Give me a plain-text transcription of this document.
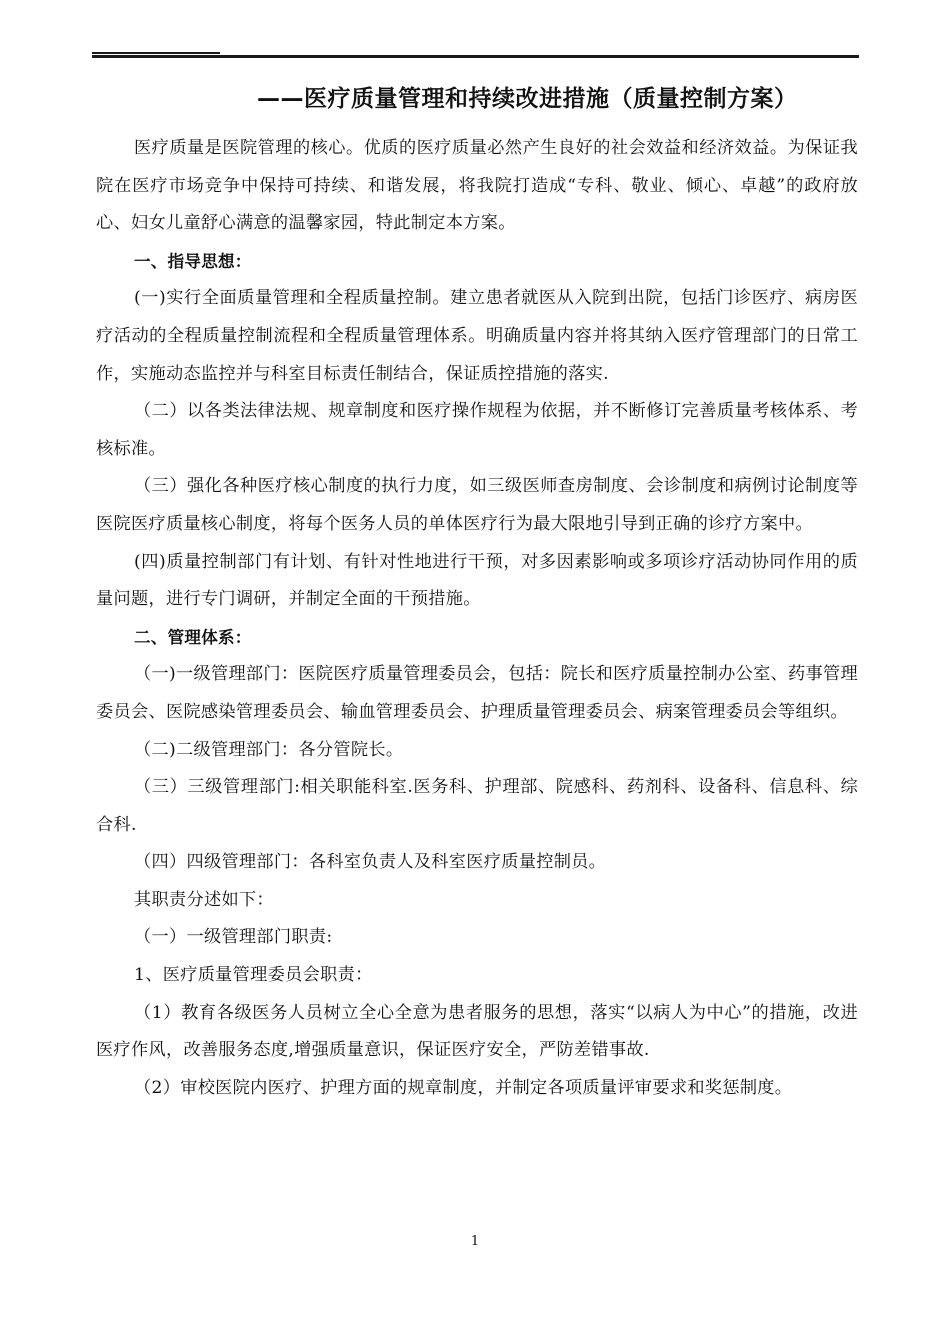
——医疗质量管理和持续改进措施（质量控制方案）

医疗质量是医院管理的核心。优质的医疗质量必然产生良好的社会效益和经济效益。为保证我院在医疗市场竞争中保持可持续、和谐发展，将我院打造成“专科、敬业、倾心、卓越”的政府放心、妇女儿童舒心满意的温馨家园，特此制定本方案。

一、指导思想：

(一)实行全面质量管理和全程质量控制。建立患者就医从入院到出院，包括门诊医疗、病房医疗活动的全程质量控制流程和全程质量管理体系。明确质量内容并将其纳入医疗管理部门的日常工作，实施动态监控并与科室目标责任制结合，保证质控措施的落实.

（二）以各类法律法规、规章制度和医疗操作规程为依据，并不断修订完善质量考核体系、考核标准。

（三）强化各种医疗核心制度的执行力度，如三级医师查房制度、会诊制度和病例讨论制度等医院医疗质量核心制度，将每个医务人员的单体医疗行为最大限地引导到正确的诊疗方案中。

(四)质量控制部门有计划、有针对性地进行干预，对多因素影响或多项诊疗活动协同作用的质量问题，进行专门调研，并制定全面的干预措施。

二、管理体系：

（一)一级管理部门：医院医疗质量管理委员会，包括：院长和医疗质量控制办公室、药事管理委员会、医院感染管理委员会、输血管理委员会、护理质量管理委员会、病案管理委员会等组织。

（二)二级管理部门：各分管院长。

（三）三级管理部门:相关职能科室.医务科、护理部、院感科、药剂科、设备科、信息科、综合科.

（四）四级管理部门：各科室负责人及科室医疗质量控制员。

其职责分述如下：

（一）一级管理部门职责:

1、医疗质量管理委员会职责：

（1）教育各级医务人员树立全心全意为患者服务的思想，落实“以病人为中心”的措施，改进医疗作风，改善服务态度,增强质量意识，保证医疗安全，严防差错事故.

（2）审校医院内医疗、护理方面的规章制度，并制定各项质量评审要求和奖惩制度。

1
